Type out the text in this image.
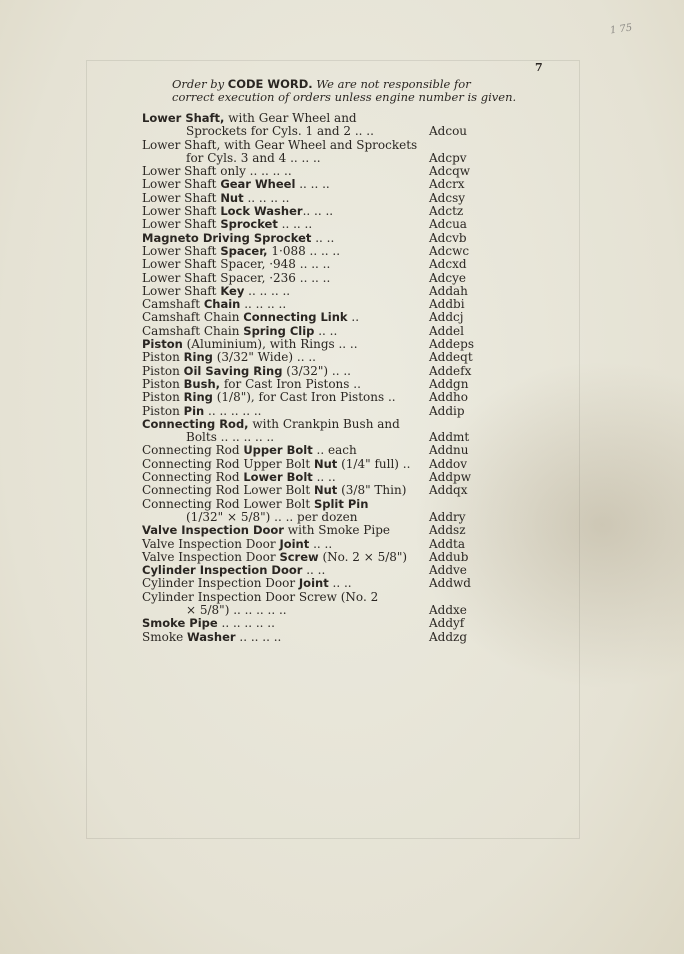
1 75
7
Order by CODE WORD. We are not responsible for
correct execution of orders unless engine number is given.
Lower Shaft, with Gear Wheel and
Sprockets for Cyls. 1 and 2 .. ..	Adcou
Lower Shaft, with Gear Wheel and Sprockets
for Cyls. 3 and 4 .. .. ..	Adcpv
Lower Shaft only .. .. .. ..	Adcqw
Lower Shaft Gear Wheel .. .. ..	Adcrx
Lower Shaft Nut .. .. .. ..	Adcsy
Lower Shaft Lock Washer.. .. ..	Adctz
Lower Shaft Sprocket .. .. ..	Adcua
Magneto Driving Sprocket .. ..	Adcvb
Lower Shaft Spacer, 1·088 .. .. ..	Adcwc
Lower Shaft Spacer, ·948 .. .. ..	Adcxd
Lower Shaft Spacer, ·236 .. .. ..	Adcye
Lower Shaft Key .. .. .. ..	Addah
Camshaft Chain .. .. .. ..	Addbi
Camshaft Chain Connecting Link ..	Addcj
Camshaft Chain Spring Clip .. ..	Addel
Piston (Aluminium), with Rings .. ..	Addeps
Piston Ring (3/32" Wide) .. ..	Addeqt
Piston Oil Saving Ring (3/32") .. ..	Addefx
Piston Bush, for Cast Iron Pistons ..	Addgn
Piston Ring (1/8"), for Cast Iron Pistons ..	Addho
Piston Pin .. .. .. .. ..	Addip
Connecting Rod, with Crankpin Bush and
Bolts .. .. .. .. ..	Addmt
Connecting Rod Upper Bolt .. each	Addnu
Connecting Rod Upper Bolt Nut (1/4" full) .. Addov
Connecting Rod Lower Bolt .. ..	Addpw
Connecting Rod Lower Bolt Nut (3/8" Thin) Addqx
Connecting Rod Lower Bolt Split Pin
(1/32" × 5/8") .. .. per dozen	Addry
Valve Inspection Door with Smoke Pipe	Addsz
Valve Inspection Door Joint .. ..	Addta
Valve Inspection Door Screw (No. 2 × 5/8") Addub
Cylinder Inspection Door .. ..	Addve
Cylinder Inspection Door Joint .. ..	Addwd
Cylinder Inspection Door Screw (No. 2
× 5/8") .. .. .. .. ..	Addxe
Smoke Pipe .. .. .. .. ..	Addyf
Smoke Washer .. .. .. ..	Addzg
